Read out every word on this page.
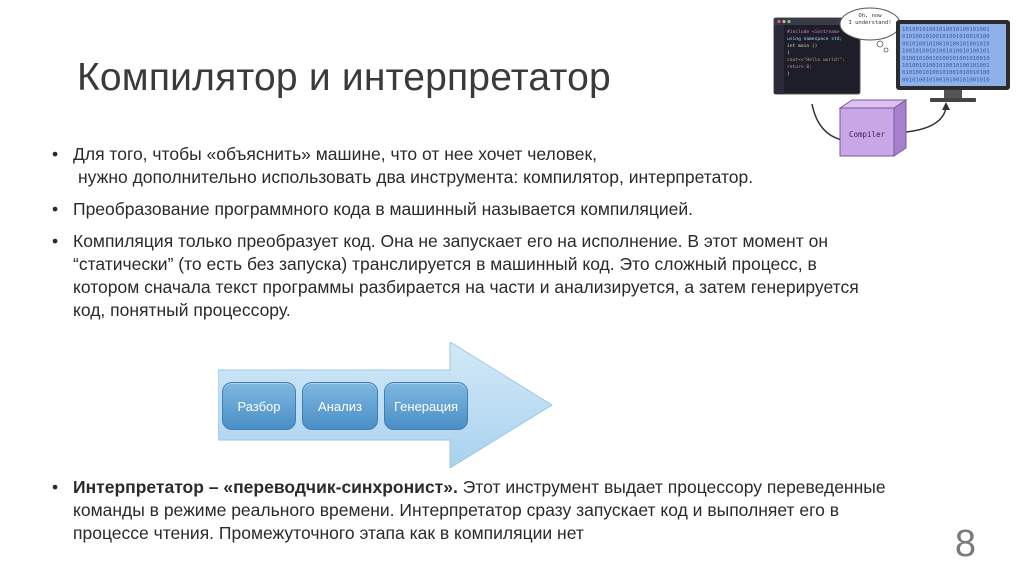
Компилятор и интерпретатор
#include <iostream>
using namespace std;
int main ()
{
cout<<"Hello world!";
return 0;
}
10100101001010010100101001
01010010100101001010010100
00101001010010100101001010
10010100101001010010100101
01001010010100101001010010
10100101001010010100101001
01010010100101001010010100
00101001010010100101001010
Oh, now
I understand!
Compiler
• Для того, чтобы «объяснить» машине, что от нее хочет человек,
нужно дополнительно использовать два инструмента: компилятор, интерпретатор.
• Преобразование программного кода в машинный называется компиляцией.
• Компиляция только преобразует код. Она не запускает его на исполнение. В этот момент он
“статически” (то есть без запуска) транслируется в машинный код. Это сложный процесс, в
котором сначала текст программы разбирается на части и анализируется, а затем генерируется
код, понятный процессору.
Разбор	Анализ	Генерация
• Интерпретатор – «переводчик-синхронист». Этот инструмент выдает процессору переведенные
команды в режиме реального времени. Интерпретатор сразу запускает код и выполняет его в
процессе чтения. Промежуточного этапа как в компиляции нет	8
